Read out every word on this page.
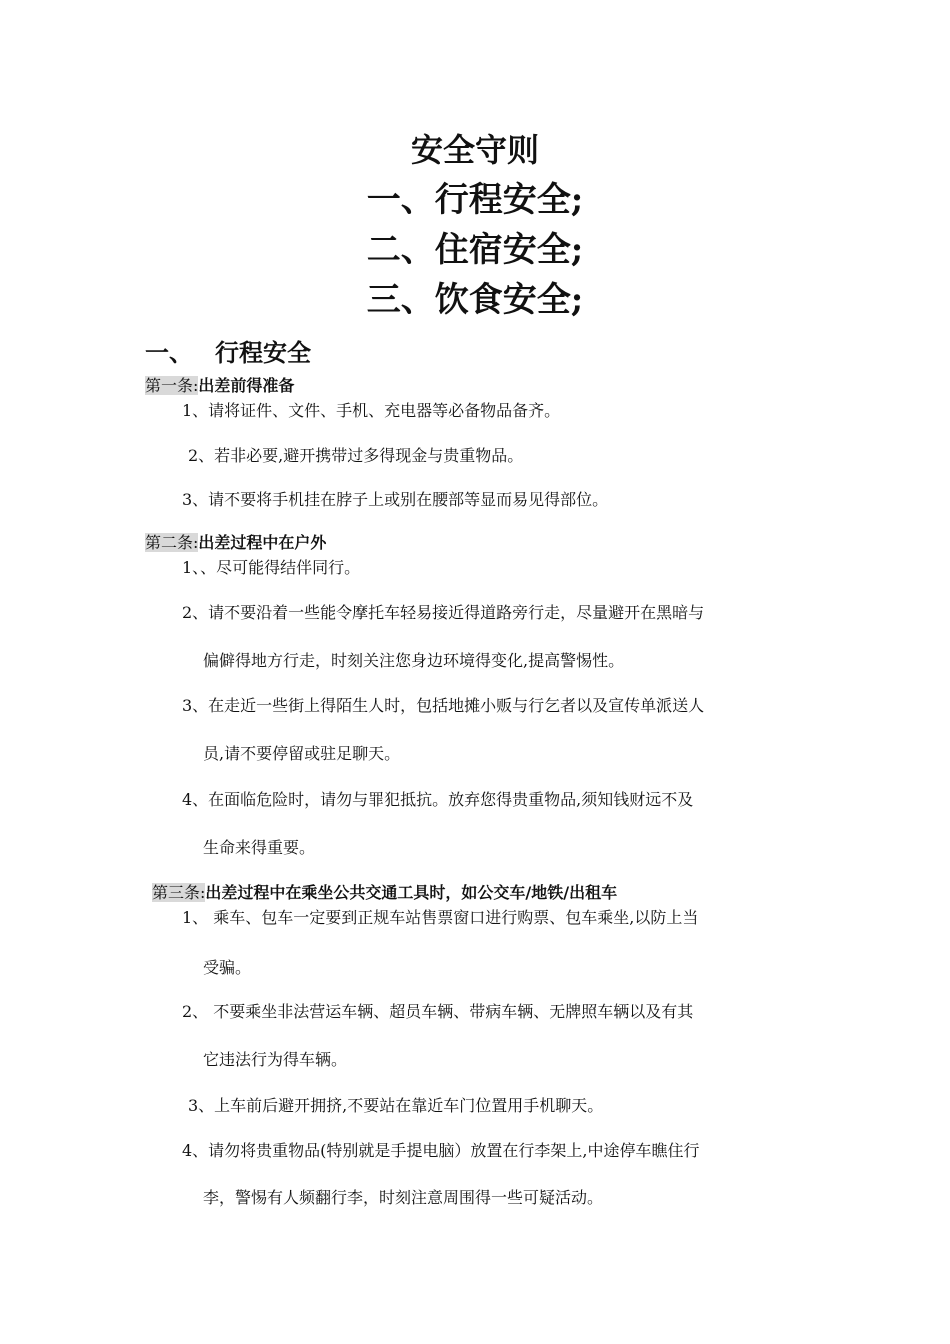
安全守则
一、行程安全;
二、住宿安全;
三、饮食安全;
一、 行程安全
第一条:出差前得准备
1、请将证件、文件、手机、充电器等必备物品备齐。
2、若非必要,避开携带过多得现金与贵重物品。
3、请不要将手机挂在脖子上或别在腰部等显而易见得部位。
第二条:出差过程中在户外
1、、尽可能得结伴同行。
2、请不要沿着一些能令摩托车轻易接近得道路旁行走，尽量避开在黑暗与
偏僻得地方行走，时刻关注您身边环境得变化,提高警惕性。
3、在走近一些街上得陌生人时，包括地摊小贩与行乞者以及宣传单派送人
员,请不要停留或驻足聊天。
4、在面临危险时，请勿与罪犯抵抗。放弃您得贵重物品,须知钱财远不及
生命来得重要。
第三条:出差过程中在乘坐公共交通工具时，如公交车/地铁/出租车
1、 乘车、包车一定要到正规车站售票窗口进行购票、包车乘坐,以防上当
受骗。
2、 不要乘坐非法营运车辆、超员车辆、带病车辆、无牌照车辆以及有其
它违法行为得车辆。
3、上车前后避开拥挤,不要站在靠近车门位置用手机聊天。
4、请勿将贵重物品(特别就是手提电脑）放置在行李架上,中途停车瞧住行
李，警惕有人频翻行李，时刻注意周围得一些可疑活动。
